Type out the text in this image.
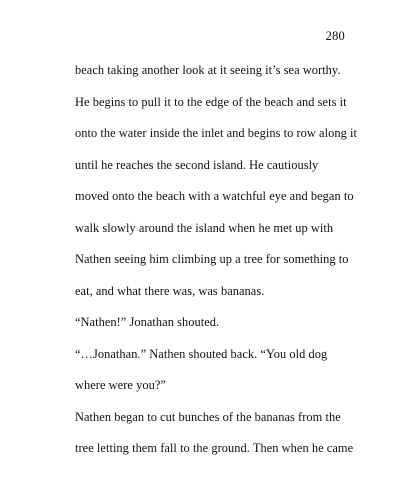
280
beach taking another look at it seeing it’s sea worthy.
He begins to pull it to the edge of the beach and sets it
onto the water inside the inlet and begins to row along it
until he reaches the second island. He cautiously
moved onto the beach with a watchful eye and began to
walk slowly around the island when he met up with
Nathen seeing him climbing up a tree for something to
eat, and what there was, was bananas.
“Nathen!” Jonathan shouted.
“…Jonathan.” Nathen shouted back. “You old dog
where were you?”
Nathen began to cut bunches of the bananas from the
tree letting them fall to the ground. Then when he came
